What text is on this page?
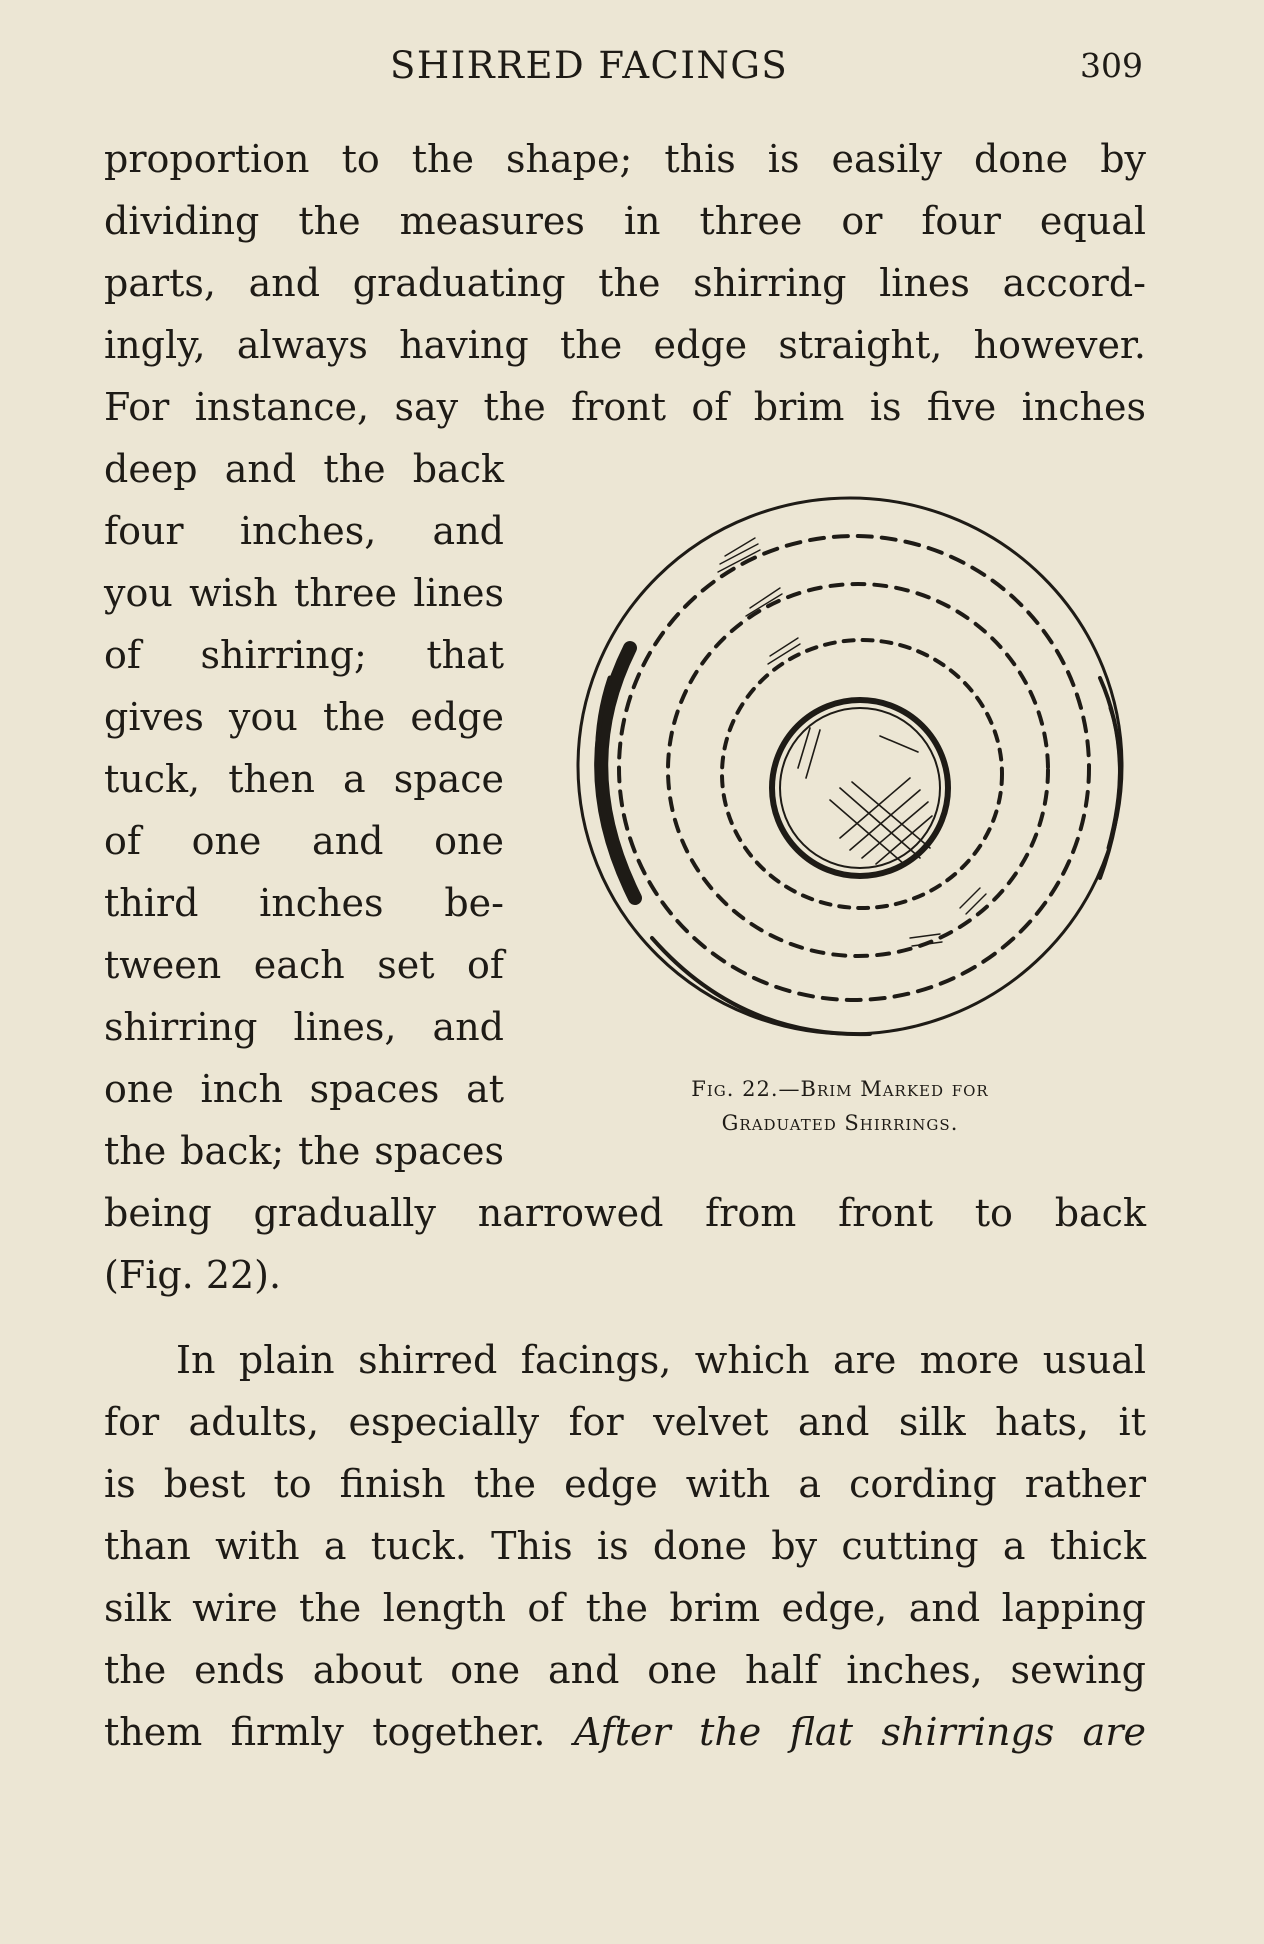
SHIRRED FACINGS	309

proportion to the shape; this is easily done by

dividing the measures in three or four equal

parts, and graduating the shirring lines accord-

ingly, always having the edge straight, however.

For instance, say the front of brim is five inches

deep and the back

four inches, and

you wish three lines

of shirring; that

gives you the edge

tuck, then a space

of one and one

third inches be-

tween each set of

shirring lines, and

one inch spaces at

the back; the spaces

being gradually narrowed from front to back

(Fig. 22).

In plain shirred facings, which are more usual

for adults, especially for velvet and silk hats, it

is best to finish the edge with a cording rather

than with a tuck. This is done by cutting a thick

silk wire the length of the brim edge, and lapping

the ends about one and one half inches, sewing

them firmly together. After the flat shirrings are

Fig. 22.—Brim Marked for
Graduated Shirrings.
